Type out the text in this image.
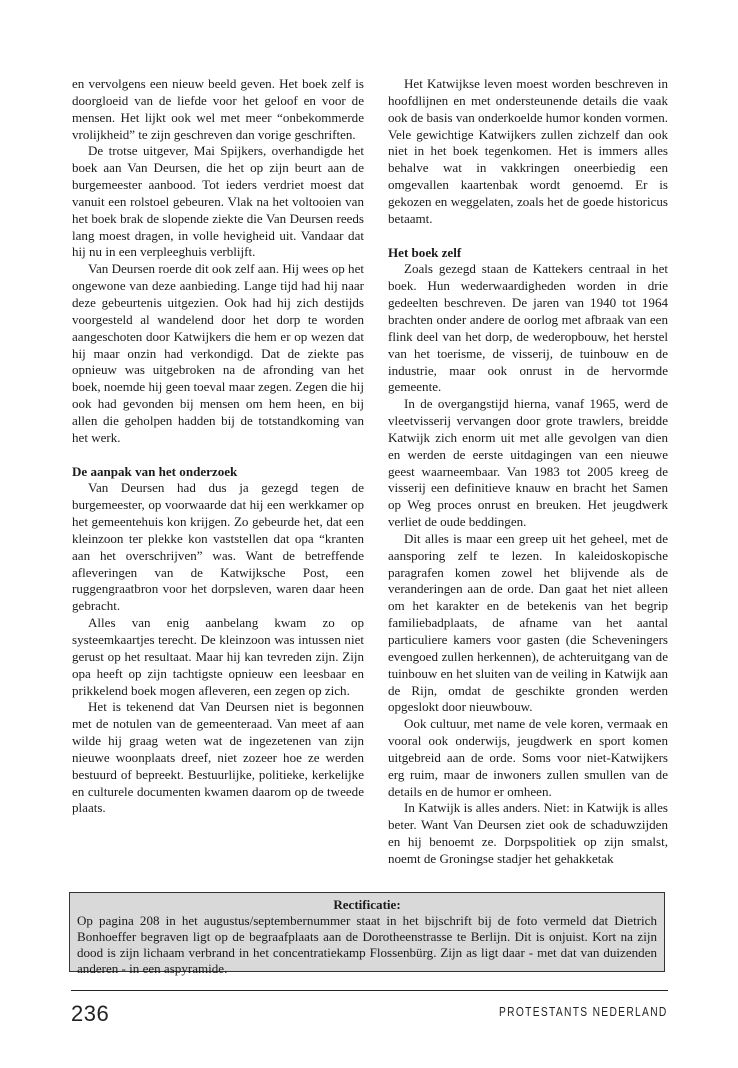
en vervolgens een nieuw beeld geven. Het boek zelf is doorgloeid van de liefde voor het geloof en voor de mensen. Het lijkt ook wel met meer “onbekommerde vrolijkheid” te zijn geschreven dan vorige geschriften.

De trotse uitgever, Mai Spijkers, overhandigde het boek aan Van Deursen, die het op zijn beurt aan de burgemeester aanbood. Tot ieders verdriet moest dat vanuit een rolstoel gebeuren. Vlak na het voltooien van het boek brak de slopende ziekte die Van Deursen reeds lang moest dragen, in volle hevigheid uit. Vandaar dat hij nu in een verpleeghuis verblijft.

Van Deursen roerde dit ook zelf aan. Hij wees op het ongewone van deze aanbieding. Lange tijd had hij naar deze gebeurtenis uitgezien. Ook had hij zich destijds voorgesteld al wandelend door het dorp te worden aangeschoten door Katwijkers die hem er op wezen dat hij maar onzin had verkondigd. Dat de ziekte pas opnieuw was uitgebroken na de afronding van het boek, noemde hij geen toeval maar zegen. Zegen die hij ook had gevonden bij mensen om hem heen, en bij allen die geholpen hadden bij de totstandkoming van het werk.

De aanpak van het onderzoek

Van Deursen had dus ja gezegd tegen de burgemeester, op voorwaarde dat hij een werkkamer op het gemeentehuis kon krijgen. Zo gebeurde het, dat een kleinzoon ter plekke kon vaststellen dat opa “kranten aan het overschrijven” was. Want de betreffende afleveringen van de Katwijksche Post, een ruggengraatbron voor het dorpsleven, waren daar heen gebracht.

Alles van enig aanbelang kwam zo op systeemkaartjes terecht. De kleinzoon was intussen niet gerust op het resultaat. Maar hij kan tevreden zijn. Zijn opa heeft op zijn tachtigste opnieuw een leesbaar en prikkelend boek mogen afleveren, een zegen op zich.

Het is tekenend dat Van Deursen niet is begonnen met de notulen van de gemeenteraad. Van meet af aan wilde hij graag weten wat de ingezetenen van zijn nieuwe woonplaats dreef, niet zozeer hoe ze werden bestuurd of bepreekt. Bestuurlijke, politieke, kerkelijke en culturele documenten kwamen daarom op de tweede plaats.

Het Katwijkse leven moest worden beschreven in hoofdlijnen en met ondersteunende details die vaak ook de basis van onderkoelde humor konden vormen. Vele gewichtige Katwijkers zullen zichzelf dan ook niet in het boek tegenkomen. Het is immers alles behalve wat in vakkringen oneerbiedig een omgevallen kaartenbak wordt genoemd. Er is gekozen en weggelaten, zoals het de goede historicus betaamt.

Het boek zelf

Zoals gezegd staan de Kattekers centraal in het boek. Hun wederwaardigheden worden in drie gedeelten beschreven. De jaren van 1940 tot 1964 brachten onder andere de oorlog met afbraak van een flink deel van het dorp, de wederopbouw, het herstel van het toerisme, de visserij, de tuinbouw en de industrie, maar ook onrust in de hervormde gemeente.

In de overgangstijd hierna, vanaf 1965, werd de vleetvisserij vervangen door grote trawlers, breidde Katwijk zich enorm uit met alle gevolgen van dien en werden de eerste uitdagingen van een nieuwe geest waarneembaar. Van 1983 tot 2005 kreeg de visserij een definitieve knauw en bracht het Samen op Weg proces onrust en breuken. Het jeugdwerk verliet de oude beddingen.

Dit alles is maar een greep uit het geheel, met de aansporing zelf te lezen. In kaleidoskopische paragrafen komen zowel het blijvende als de veranderingen aan de orde. Dan gaat het niet alleen om het karakter en de betekenis van het begrip familiebadplaats, de afname van het aantal particuliere kamers voor gasten (die Scheveningers evengoed zullen herkennen), de achteruitgang van de tuinbouw en het sluiten van de veiling in Katwijk aan de Rijn, omdat de geschikte gronden werden opgeslokt door nieuwbouw.

Ook cultuur, met name de vele koren, vermaak en vooral ook onderwijs, jeugdwerk en sport komen uitgebreid aan de orde. Soms voor niet-Katwijkers erg ruim, maar de inwoners zullen smullen van de details en de humor er omheen.

In Katwijk is alles anders. Niet: in Katwijk is alles beter. Want Van Deursen ziet ook de schaduwzijden en hij benoemt ze. Dorpspolitiek op zijn smalst, noemt de Groningse stadjer het gehakketak

Rectificatie:
Op pagina 208 in het augustus/septembernummer staat in het bijschrift bij de foto vermeld dat Dietrich Bonhoeffer begraven ligt op de begraafplaats aan de Dorotheenstrasse te Berlijn. Dit is onjuist. Kort na zijn dood is zijn lichaam verbrand in het concentratiekamp Flossenbürg. Zijn as ligt daar - met dat van duizenden anderen - in een aspyramide.
236	PROTESTANTS NEDERLAND
